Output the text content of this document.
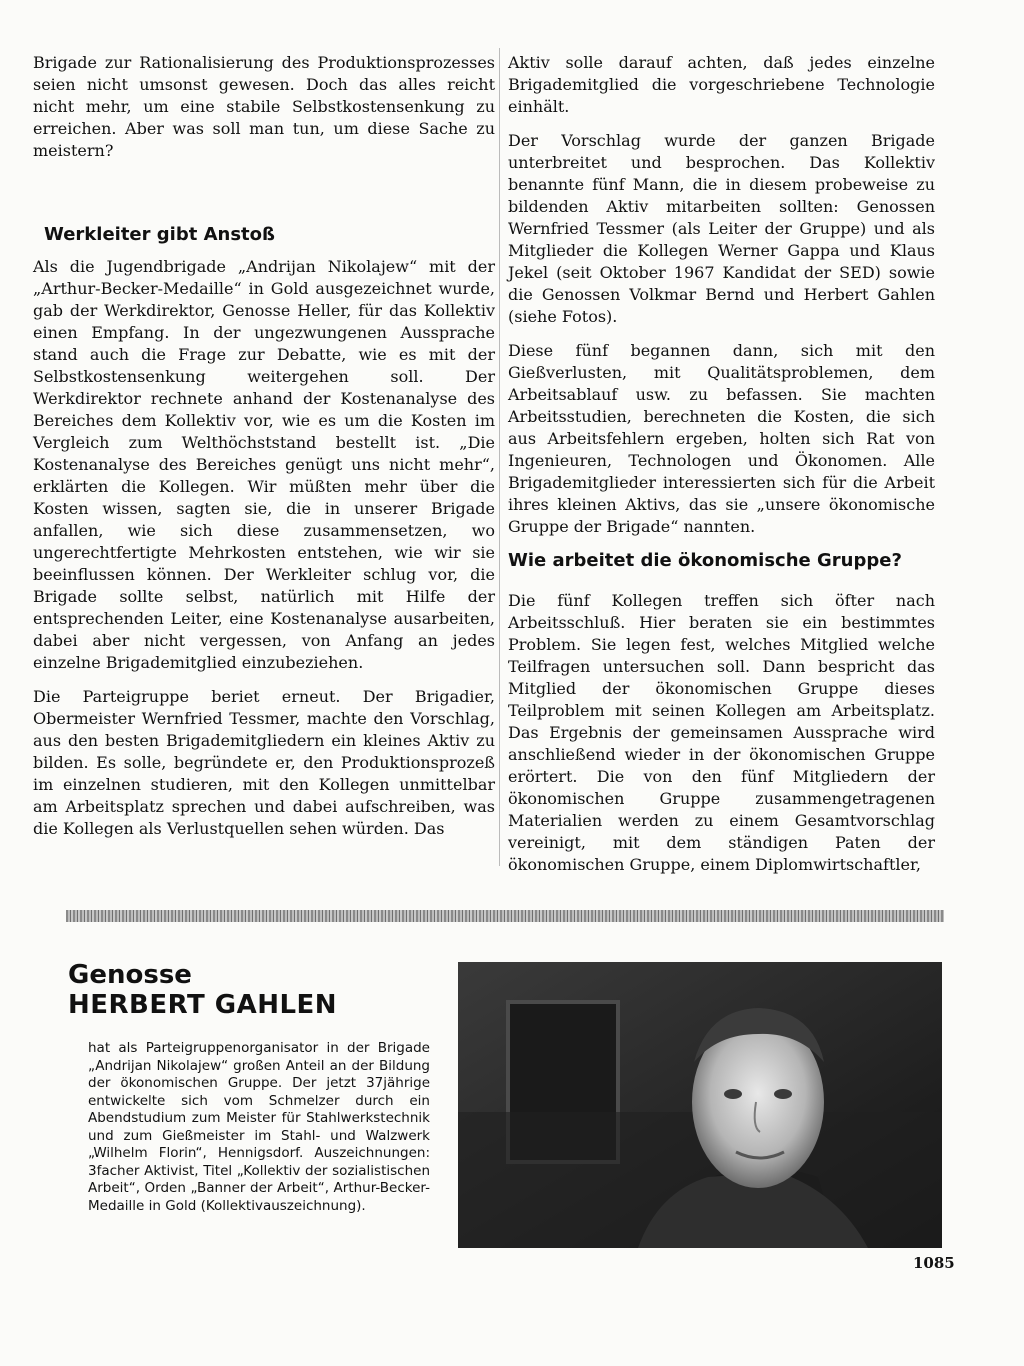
Brigade zur Rationalisierung des Produktionsprozesses seien nicht umsonst gewesen. Doch das alles reicht nicht mehr, um eine stabile Selbstkostensenkung zu erreichen. Aber was soll man tun, um diese Sache zu meistern?

Werkleiter gibt Anstoß

Als die Jugendbrigade „Andrijan Nikolajew“ mit der „Arthur-Becker-Medaille“ in Gold ausgezeichnet wurde, gab der Werkdirektor, Genosse Heller, für das Kollektiv einen Empfang. In der ungezwungenen Aussprache stand auch die Frage zur Debatte, wie es mit der Selbstkostensenkung weitergehen soll. Der Werkdirektor rechnete anhand der Kostenanalyse des Bereiches dem Kollektiv vor, wie es um die Kosten im Vergleich zum Welthöchststand bestellt ist. „Die Kostenanalyse des Bereiches genügt uns nicht mehr“, erklärten die Kollegen. Wir müßten mehr über die Kosten wissen, sagten sie, die in unserer Brigade anfallen, wie sich diese zusammensetzen, wo ungerechtfertigte Mehrkosten entstehen, wie wir sie beeinflussen können. Der Werkleiter schlug vor, die Brigade sollte selbst, natürlich mit Hilfe der entsprechenden Leiter, eine Kostenanalyse ausarbeiten, dabei aber nicht vergessen, von Anfang an jedes einzelne Brigademitglied einzubeziehen.

Die Parteigruppe beriet erneut. Der Brigadier, Obermeister Wernfried Tessmer, machte den Vorschlag, aus den besten Brigademitgliedern ein kleines Aktiv zu bilden. Es solle, begründete er, den Produktionsprozeß im einzelnen studieren, mit den Kollegen unmittelbar am Arbeitsplatz sprechen und dabei aufschreiben, was die Kollegen als Verlustquellen sehen würden. Das

Aktiv solle darauf achten, daß jedes einzelne Brigademitglied die vorgeschriebene Technologie einhält.

Der Vorschlag wurde der ganzen Brigade unterbreitet und besprochen. Das Kollektiv benannte fünf Mann, die in diesem probeweise zu bildenden Aktiv mitarbeiten sollten: Genossen Wernfried Tessmer (als Leiter der Gruppe) und als Mitglieder die Kollegen Werner Gappa und Klaus Jekel (seit Oktober 1967 Kandidat der SED) sowie die Genossen Volkmar Bernd und Herbert Gahlen (siehe Fotos).

Diese fünf begannen dann, sich mit den Gießverlusten, mit Qualitätsproblemen, dem Arbeitsablauf usw. zu befassen. Sie machten Arbeitsstudien, berechneten die Kosten, die sich aus Arbeitsfehlern ergeben, holten sich Rat von Ingenieuren, Technologen und Ökonomen. Alle Brigademitglieder interessierten sich für die Arbeit ihres kleinen Aktivs, das sie „unsere ökonomische Gruppe der Brigade“ nannten.

Wie arbeitet die ökonomische Gruppe?

Die fünf Kollegen treffen sich öfter nach Arbeitsschluß. Hier beraten sie ein bestimmtes Problem. Sie legen fest, welches Mitglied welche Teilfragen untersuchen soll. Dann bespricht das Mitglied der ökonomischen Gruppe dieses Teilproblem mit seinen Kollegen am Arbeitsplatz. Das Ergebnis der gemeinsamen Aussprache wird anschließend wieder in der ökonomischen Gruppe erörtert. Die von den fünf Mitgliedern der ökonomischen Gruppe zusammengetragenen Materialien werden zu einem Gesamtvorschlag vereinigt, mit dem ständigen Paten der ökonomischen Gruppe, einem Diplomwirtschaftler,

Genosse
HERBERT GAHLEN
hat als Parteigruppenorganisator in der Brigade „Andrijan Nikolajew“ großen Anteil an der Bildung der ökonomischen Gruppe. Der jetzt 37jährige entwickelte sich vom Schmelzer durch ein Abendstudium zum Meister für Stahlwerkstechnik und zum Gießmeister im Stahl- und Walzwerk „Wilhelm Florin“, Hennigsdorf. Auszeichnungen: 3facher Aktivist, Titel „Kollektiv der sozialistischen Arbeit“, Orden „Banner der Arbeit“, Arthur-Becker-Medaille in Gold (Kollektivauszeichnung).
1085
